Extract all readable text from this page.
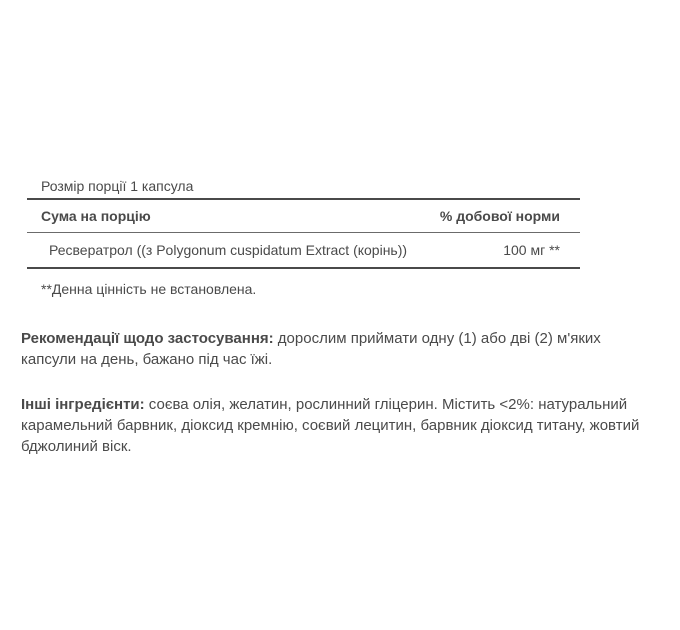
Розмір порції 1 капсула
Сума на порцію	% добової норми
Ресвератрол ((з Polygonum cuspidatum Extract (корінь))	100 мг **
**Денна цінність не встановлена.
Рекомендації щодо застосування: дорослим приймати одну (1) або дві (2) м'яких капсули на день, бажано під час їжі.
Інші інгредієнти: соєва олія, желатин, рослинний гліцерин. Містить <2%: натуральний карамельний барвник, діоксид кремнію, соєвий лецитин, барвник діоксид титану, жовтий бджолиний віск.
